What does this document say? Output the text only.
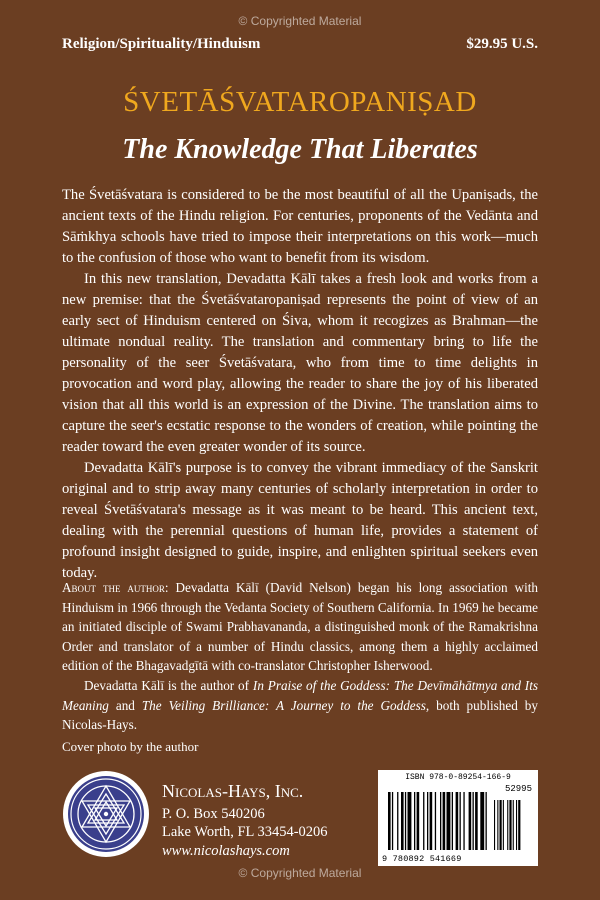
© Copyrighted Material
Religion/Spirituality/Hinduism	$29.95 U.S.
ŚVETĀŚVATAROPANIṢAD
The Knowledge That Liberates

The Śvetāśvatara is considered to be the most beautiful of all the Upaniṣads, the ancient texts of the Hindu religion. For centuries, proponents of the Vedānta and Sāṁkhya schools have tried to impose their interpretations on this work—much to the confusion of those who want to benefit from its wisdom.

In this new translation, Devadatta Kālī takes a fresh look and works from a new premise: that the Śvetāśvataropaniṣad represents the point of view of an early sect of Hinduism centered on Śiva, whom it recogizes as Brahman—the ultimate nondual reality. The translation and commentary bring to life the personality of the seer Śvetāśvatara, who from time to time delights in provocation and word play, allowing the reader to share the joy of his liberated vision that all this world is an expression of the Divine. The translation aims to capture the seer's ecstatic response to the wonders of creation, while pointing the reader toward the even greater wonder of its source.

Devadatta Kālī's purpose is to convey the vibrant immediacy of the Sanskrit original and to strip away many centuries of scholarly interpretation in order to reveal Śvetāśvatara's message as it was meant to be heard. This ancient text, dealing with the perennial questions of human life, provides a statement of profound insight designed to guide, inspire, and enlighten spiritual seekers even today.

About the author: Devadatta Kālī (David Nelson) began his long association with Hinduism in 1966 through the Vedanta Society of Southern California. In 1969 he became an initiated disciple of Swami Prabhavananda, a distinguished monk of the Ramakrishna Order and translator of a number of Hindu classics, among them a highly acclaimed edition of the Bhagavadgītā with co-translator Christopher Isherwood.

Devadatta Kālī is the author of In Praise of the Goddess: The Devīmāhātmya and Its Meaning and The Veiling Brilliance: A Journey to the Goddess, both published by Nicolas-Hays.

Cover photo by the author
Nicolas-Hays, Inc.
P. O. Box 540206
Lake Worth, FL 33454-0206
www.nicolashays.com
ISBN 978-0-89254-166-9
52995
9 780892 541669
© Copyrighted Material
